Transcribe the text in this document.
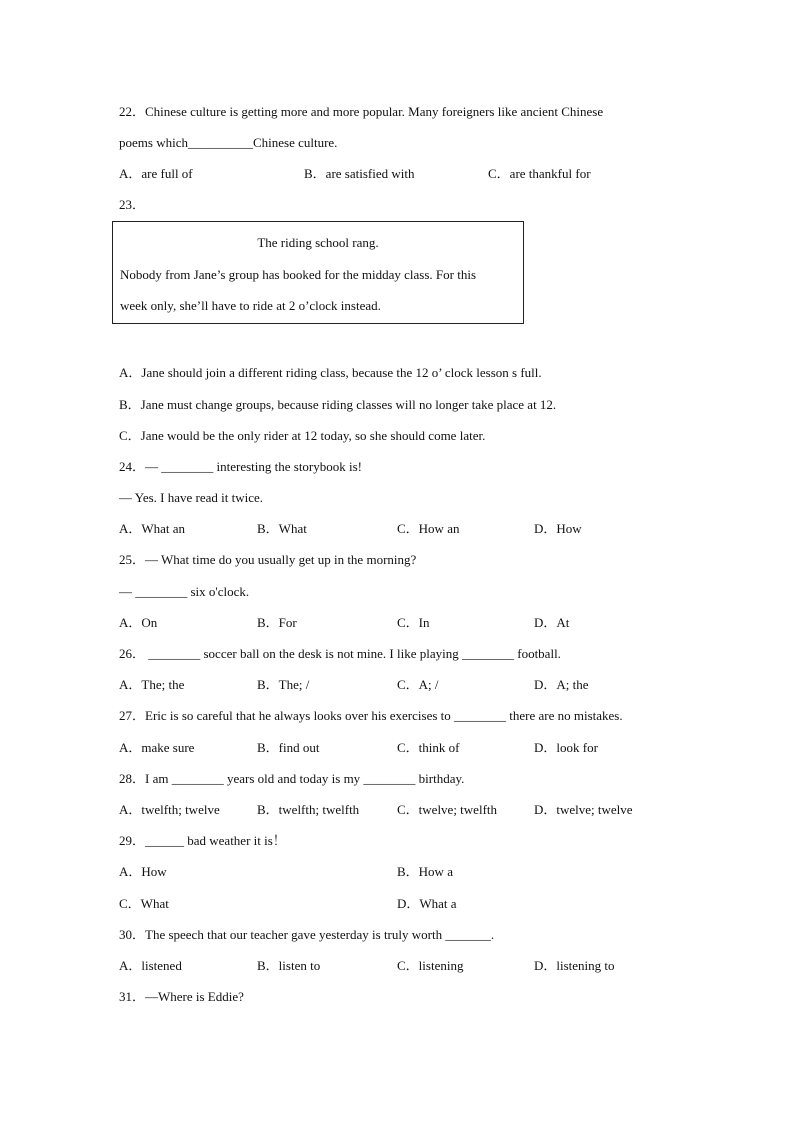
22．Chinese culture is getting more and more popular. Many foreigners like ancient Chinese
poems which__________Chinese culture.
A．are full of	B．are satisfied with	C．are thankful for
23．
The riding school rang.
Nobody from Jane’s group has booked for the midday class. For this
week only, she’ll have to ride at 2 o’clock instead.
A．Jane should join a different riding class, because the 12 o’ clock lesson s full.
B．Jane must change groups, because riding classes will no longer take place at 12.
C．Jane would be the only rider at 12 today, so she should come later.
24．— ________ interesting the storybook is!
— Yes. I have read it twice.
A．What an	B．What	C．How an	D．How
25．— What time do you usually get up in the morning?
— ________ six o'clock.
A．On	B．For	C．In	D．At
26． ________ soccer ball on the desk is not mine. I like playing ________ football.
A．The; the	B．The; /	C．A; /	D．A; the
27．Eric is so careful that he always looks over his exercises to ________ there are no mistakes.
A．make sure	B．find out	C．think of	D．look for
28．I am ________ years old and today is my ________ birthday.
A．twelfth; twelve	B．twelfth; twelfth	C．twelve; twelfth	D．twelve; twelve
29．______ bad weather it is！
A．How	B．How a
C．What	D．What a
30．The speech that our teacher gave yesterday is truly worth _______.
A．listened	B．listen to	C．listening	D．listening to
31．—Where is Eddie?
